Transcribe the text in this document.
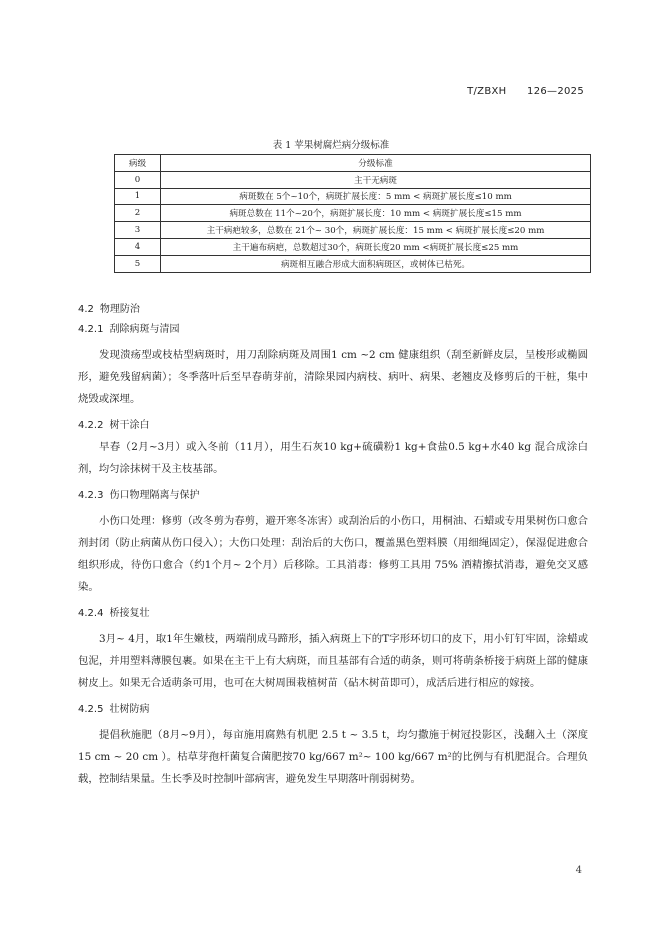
T/ZBXH　　126—2025
表 1 苹果树腐烂病分级标准
病级	分级标准
0	主干无病斑
1	病斑数在 5个~10个，病斑扩展长度：5 mm < 病斑扩展长度≤10 mm
2	病斑总数在 11个~20个，病斑扩展长度：10 mm < 病斑扩展长度≤15 mm
3	主干病疤较多，总数在 21个~ 30个，病斑扩展长度：15 mm < 病斑扩展长度≤20 mm
4	主干遍布病疤，总数超过30个，病斑长度20 mm <病斑扩展长度≤25 mm
5	病斑相互融合形成大面积病斑区，或树体已枯死。
4.2 物理防治
4.2.1 刮除病斑与清园

发现溃疡型或枝枯型病斑时，用刀刮除病斑及周围1 cm ~2 cm 健康组织（刮至新鲜皮层，呈梭形或椭圆形，避免残留病菌）；冬季落叶后至早春萌芽前，清除果园内病枝、病叶、病果、老翘皮及修剪后的干桩，集中烧毁或深埋。

4.2.2 树干涂白

早春（2月~3月）或入冬前（11月），用生石灰10 kg+硫磺粉1 kg+食盐0.5 kg+水40 kg 混合成涂白剂，均匀涂抹树干及主枝基部。

4.2.3 伤口物理隔离与保护

小伤口处理：修剪（改冬剪为春剪，避开寒冬冻害）或刮治后的小伤口，用桐油、石蜡或专用果树伤口愈合剂封闭（防止病菌从伤口侵入）；大伤口处理：刮治后的大伤口，覆盖黑色塑料膜（用细绳固定），保湿促进愈合组织形成，待伤口愈合（约1个月~ 2个月）后移除。工具消毒：修剪工具用 75% 酒精擦拭消毒，避免交叉感染。

4.2.4 桥接复壮

3月~ 4月，取1年生嫩枝，两端削成马蹄形，插入病斑上下的T字形环切口的皮下，用小钉钉牢固，涂蜡或包泥，并用塑料薄膜包裹。如果在主干上有大病斑，而且基部有合适的萌条，则可将萌条桥接于病斑上部的健康树皮上。如果无合适萌条可用，也可在大树周围栽植树苗（砧木树苗即可），成活后进行相应的嫁接。

4.2.5 壮树防病

提倡秋施肥（8月~9月），每亩施用腐熟有机肥 2.5 t ~ 3.5 t，均匀撒施于树冠投影区，浅翻入土（深度15 cm ~ 20 cm ）。枯草芽孢杆菌复合菌肥按70 kg/667 m²~ 100 kg/667 m²的比例与有机肥混合。合理负载，控制结果量。生长季及时控制叶部病害，避免发生早期落叶削弱树势。

4
